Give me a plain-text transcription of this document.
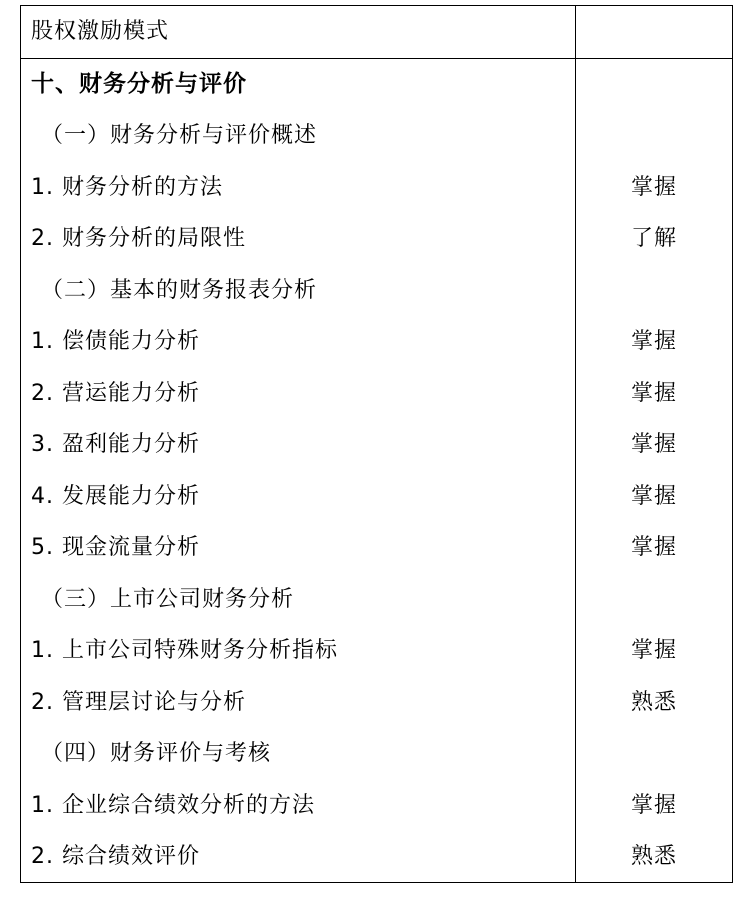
股权激励模式
十、财务分析与评价
（一）财务分析与评价概述
1. 财务分析的方法	掌握
2. 财务分析的局限性	了解
（二）基本的财务报表分析
1. 偿债能力分析	掌握
2. 营运能力分析	掌握
3. 盈利能力分析	掌握
4. 发展能力分析	掌握
5. 现金流量分析	掌握
（三）上市公司财务分析
1. 上市公司特殊财务分析指标	掌握
2. 管理层讨论与分析	熟悉
（四）财务评价与考核
1. 企业综合绩效分析的方法	掌握
2. 综合绩效评价	熟悉
